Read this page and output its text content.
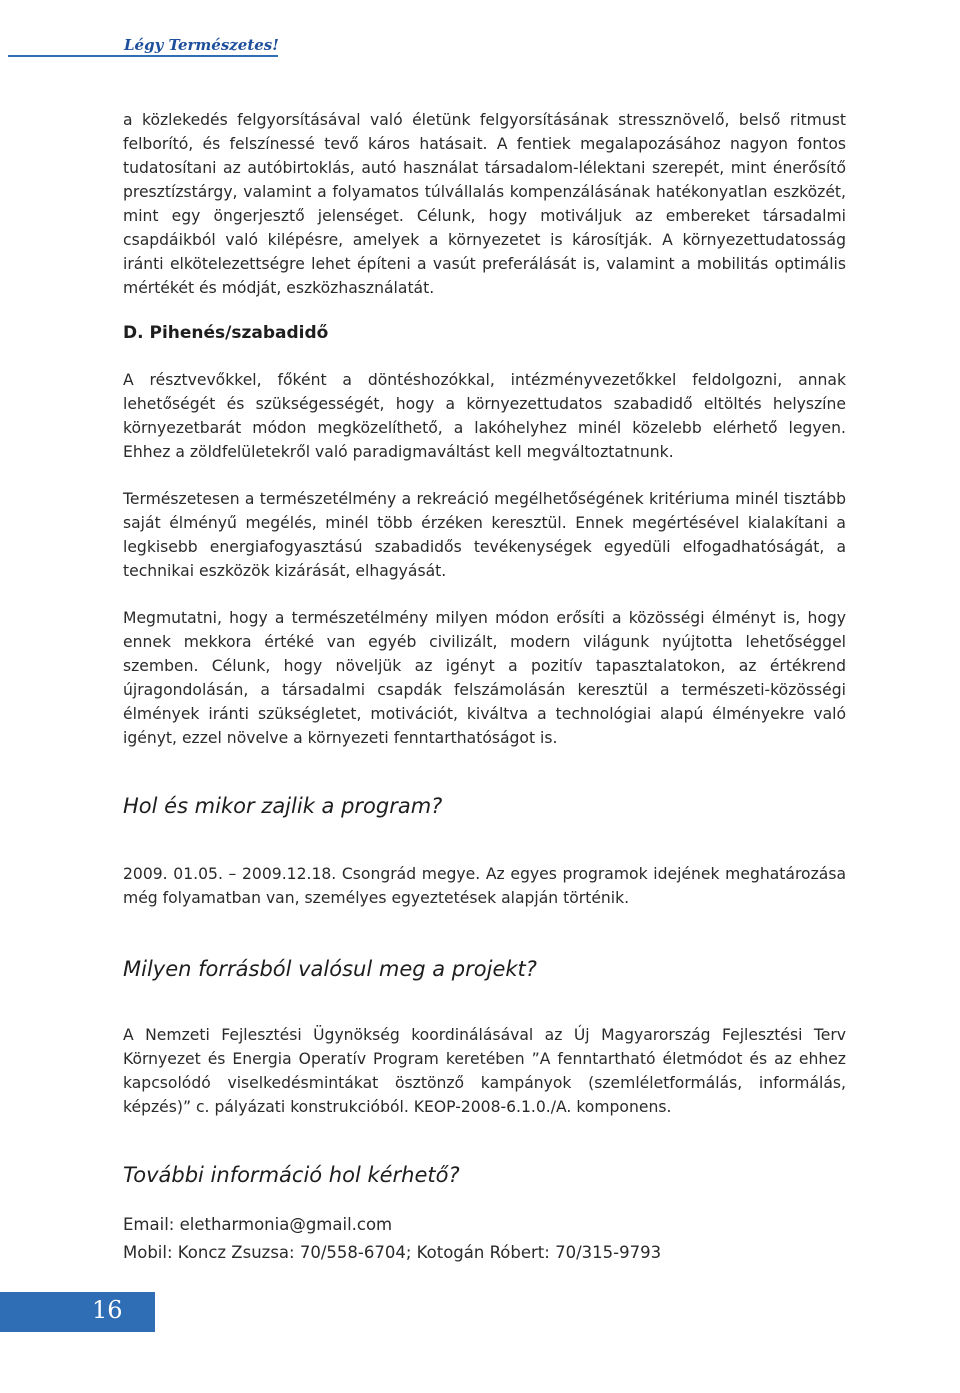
Légy Természetes!

a közlekedés felgyorsításával való életünk felgyorsításának stressznövelő, belső ritmust felborító, és felszínessé tevő káros hatásait. A fentiek megalapozásához nagyon fontos tudatosítani az autóbirtoklás, autó használat társadalom-lélektani szerepét, mint énerősítő presztízstárgy, valamint a folyamatos túlvállalás kompenzálásának hatékonyatlan eszközét, mint egy öngerjesztő jelenséget. Célunk, hogy motiváljuk az embereket társadalmi csapdáikból való kilépésre, amelyek a környezetet is károsítják. A környezettudatosság iránti elkötelezettségre lehet építeni a vasút preferálását is, valamint a mobilitás optimális mértékét és módját, eszközhasználatát.

D. Pihenés/szabadidő

A résztvevőkkel, főként a döntéshozókkal, intézményvezetőkkel feldolgozni, annak lehetőségét és szükségességét, hogy a környezettudatos szabadidő eltöltés helyszíne környezetbarát módon megközelíthető, a lakóhelyhez minél közelebb elérhető legyen. Ehhez a zöldfelületekről való paradigmaváltást kell megváltoztatnunk.

Természetesen a természetélmény a rekreáció megélhetőségének kritériuma minél tisztább saját élményű megélés, minél több érzéken keresztül. Ennek megértésével kialakítani a legkisebb energiafogyasztású szabadidős tevékenységek egyedüli elfogadhatóságát, a technikai eszközök kizárását, elhagyását.

Megmutatni, hogy a természetélmény milyen módon erősíti a közösségi élményt is, hogy ennek mekkora értéké van egyéb civilizált, modern világunk nyújtotta lehetőséggel szemben. Célunk, hogy növeljük az igényt a pozitív tapasztalatokon, az értékrend újragondolásán, a társadalmi csapdák felszámolásán keresztül a természeti-közösségi élmények iránti szükségletet, motivációt, kiváltva a technológiai alapú élményekre való igényt, ezzel növelve a környezeti fenntarthatóságot is.

Hol és mikor zajlik a program?

2009. 01.05. – 2009.12.18. Csongrád megye. Az egyes programok idejének meghatározása még folyamatban van, személyes egyeztetések alapján történik.

Milyen forrásból valósul meg a projekt?

A Nemzeti Fejlesztési Ügynökség koordinálásával az Új Magyarország Fejlesztési Terv Környezet és Energia Operatív Program keretében ”A fenntartható életmódot és az ehhez kapcsolódó viselkedésmintákat ösztönző kampányok (szemléletformálás, informálás, képzés)” c. pályázati konstrukcióból. KEOP-2008-6.1.0./A. komponens.

További információ hol kérhető?

Email: eletharmonia@gmail.com

Mobil: Koncz Zsuzsa: 70/558-6704; Kotogán Róbert: 70/315-9793

16
